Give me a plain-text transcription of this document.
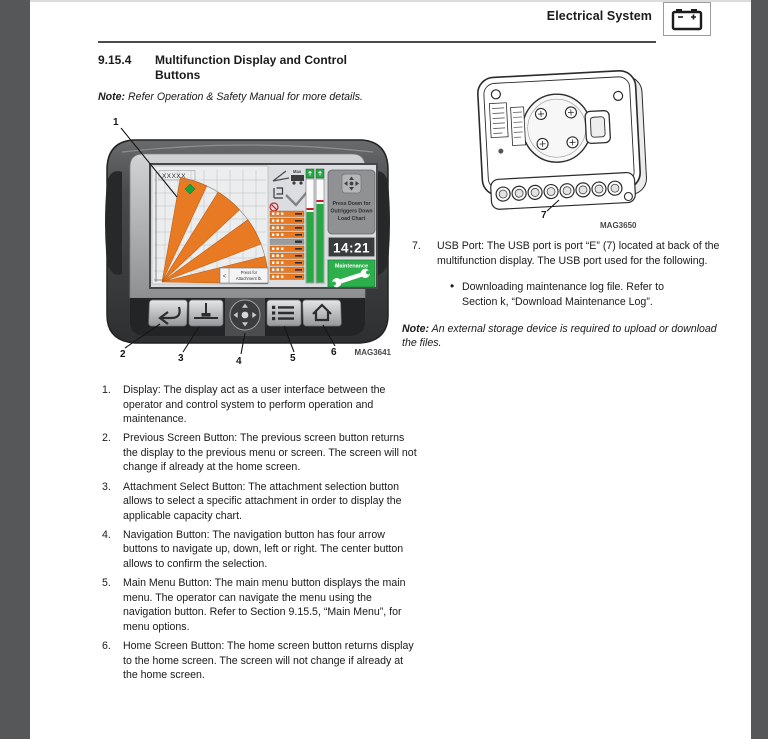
Electrical System
9.15.4 Multifunction Display and Control Buttons
Note: Refer Operation & Safety Manual for more details.
XXXXX
<
Press for
Attachment lb.
Max
Press Down for
Outriggers Down
Load Chart
14:21
Maintenance
1
2	3	4	5
6 MAG3641
7
MAG3650
1. Display: The display act as a user interface between the operator and control system to perform operation and maintenance.
2. Previous Screen Button: The previous screen button returns the display to the previous menu or screen. The screen will not change if already at the home screen.
3. Attachment Select Button: The attachment selection button allows to select a specific attachment in order to display the applicable capacity chart.
4. Navigation Button: The navigation button has four arrow buttons to navigate up, down, left or right. The center button allows to confirm the selection.
5. Main Menu Button: The main menu button displays the main menu. The operator can navigate the menu using the navigation button. Refer to Section 9.15.5, “Main Menu”, for menu options.
6. Home Screen Button: The home screen button returns display to the home screen. The screen will not change if already at the home screen.
7. USB Port: The USB port is port “E” (7) located at back of the multifunction display. The USB port used for the following.
• Downloading maintenance log file. Refer to Section k, “Download Maintenance Log”.
Note: An external storage device is required to upload or download the files.
